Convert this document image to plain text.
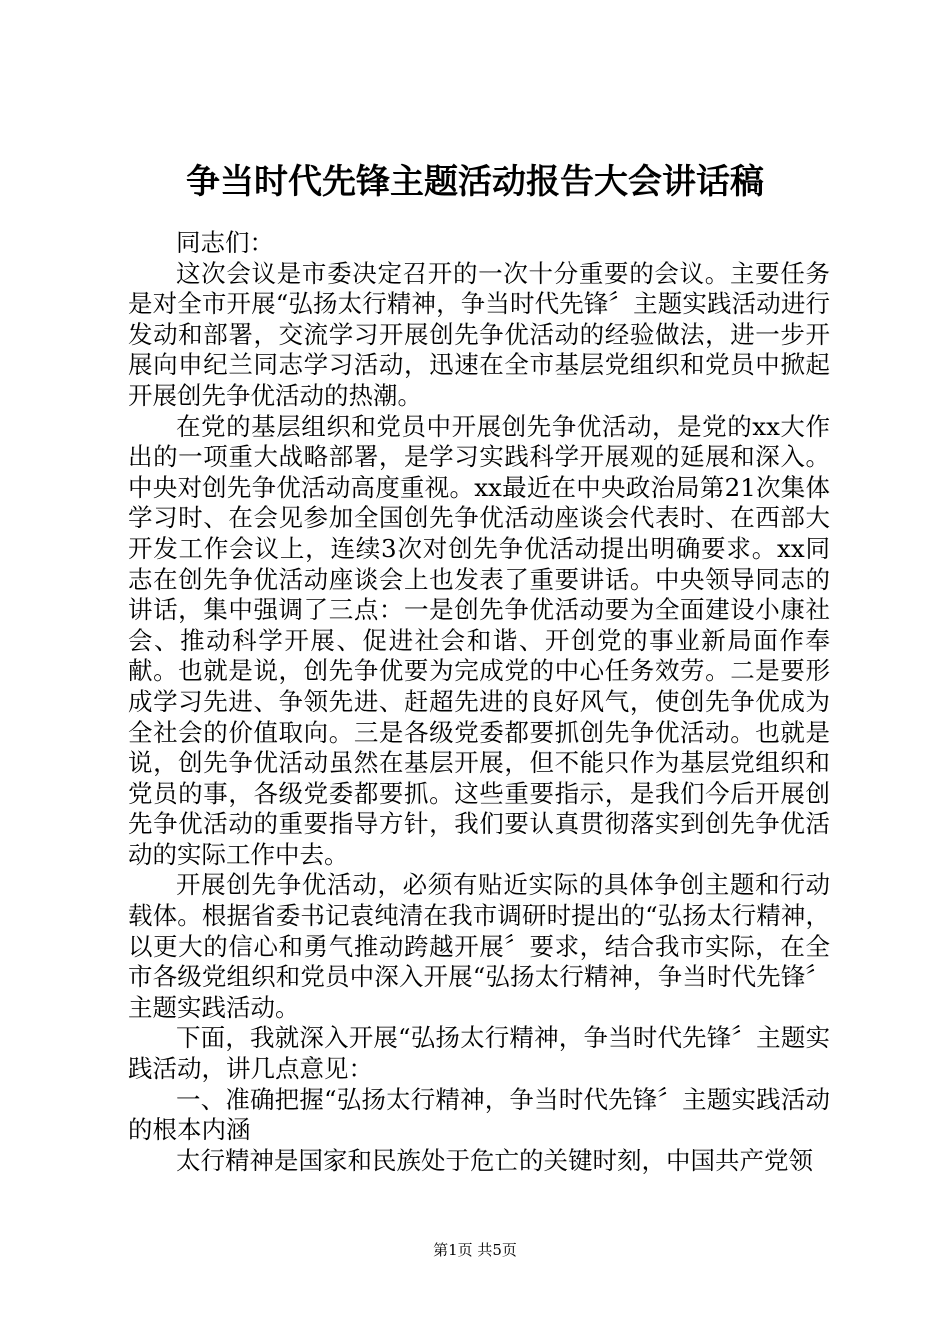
争当时代先锋主题活动报告大会讲话稿

同志们：

这次会议是市委决定召开的一次十分重要的会议。主要任务是对全市开展“弘扬太行精神，争当时代先锋〞主题实践活动进行发动和部署，交流学习开展创先争优活动的经验做法，进一步开展向申纪兰同志学习活动，迅速在全市基层党组织和党员中掀起开展创先争优活动的热潮。

在党的基层组织和党员中开展创先争优活动，是党的xx大作出的一项重大战略部署，是学习实践科学开展观的延展和深入。中央对创先争优活动高度重视。xx最近在中央政治局第21次集体学习时、在会见参加全国创先争优活动座谈会代表时、在西部大开发工作会议上，连续3次对创先争优活动提出明确要求。xx同志在创先争优活动座谈会上也发表了重要讲话。中央领导同志的讲话，集中强调了三点：一是创先争优活动要为全面建设小康社会、推动科学开展、促进社会和谐、开创党的事业新局面作奉献。也就是说，创先争优要为完成党的中心任务效劳。二是要形成学习先进、争领先进、赶超先进的良好风气，使创先争优成为全社会的价值取向。三是各级党委都要抓创先争优活动。也就是说，创先争优活动虽然在基层开展，但不能只作为基层党组织和党员的事，各级党委都要抓。这些重要指示，是我们今后开展创先争优活动的重要指导方针，我们要认真贯彻落实到创先争优活动的实际工作中去。

开展创先争优活动，必须有贴近实际的具体争创主题和行动载体。根据省委书记袁纯清在我市调研时提出的“弘扬太行精神，以更大的信心和勇气推动跨越开展〞要求，结合我市实际，在全市各级党组织和党员中深入开展“弘扬太行精神，争当时代先锋〞主题实践活动。

下面，我就深入开展“弘扬太行精神，争当时代先锋〞主题实践活动，讲几点意见：

一、准确把握“弘扬太行精神，争当时代先锋〞主题实践活动的根本内涵

太行精神是国家和民族处于危亡的关键时刻，中国共产党领

第1页 共5页
